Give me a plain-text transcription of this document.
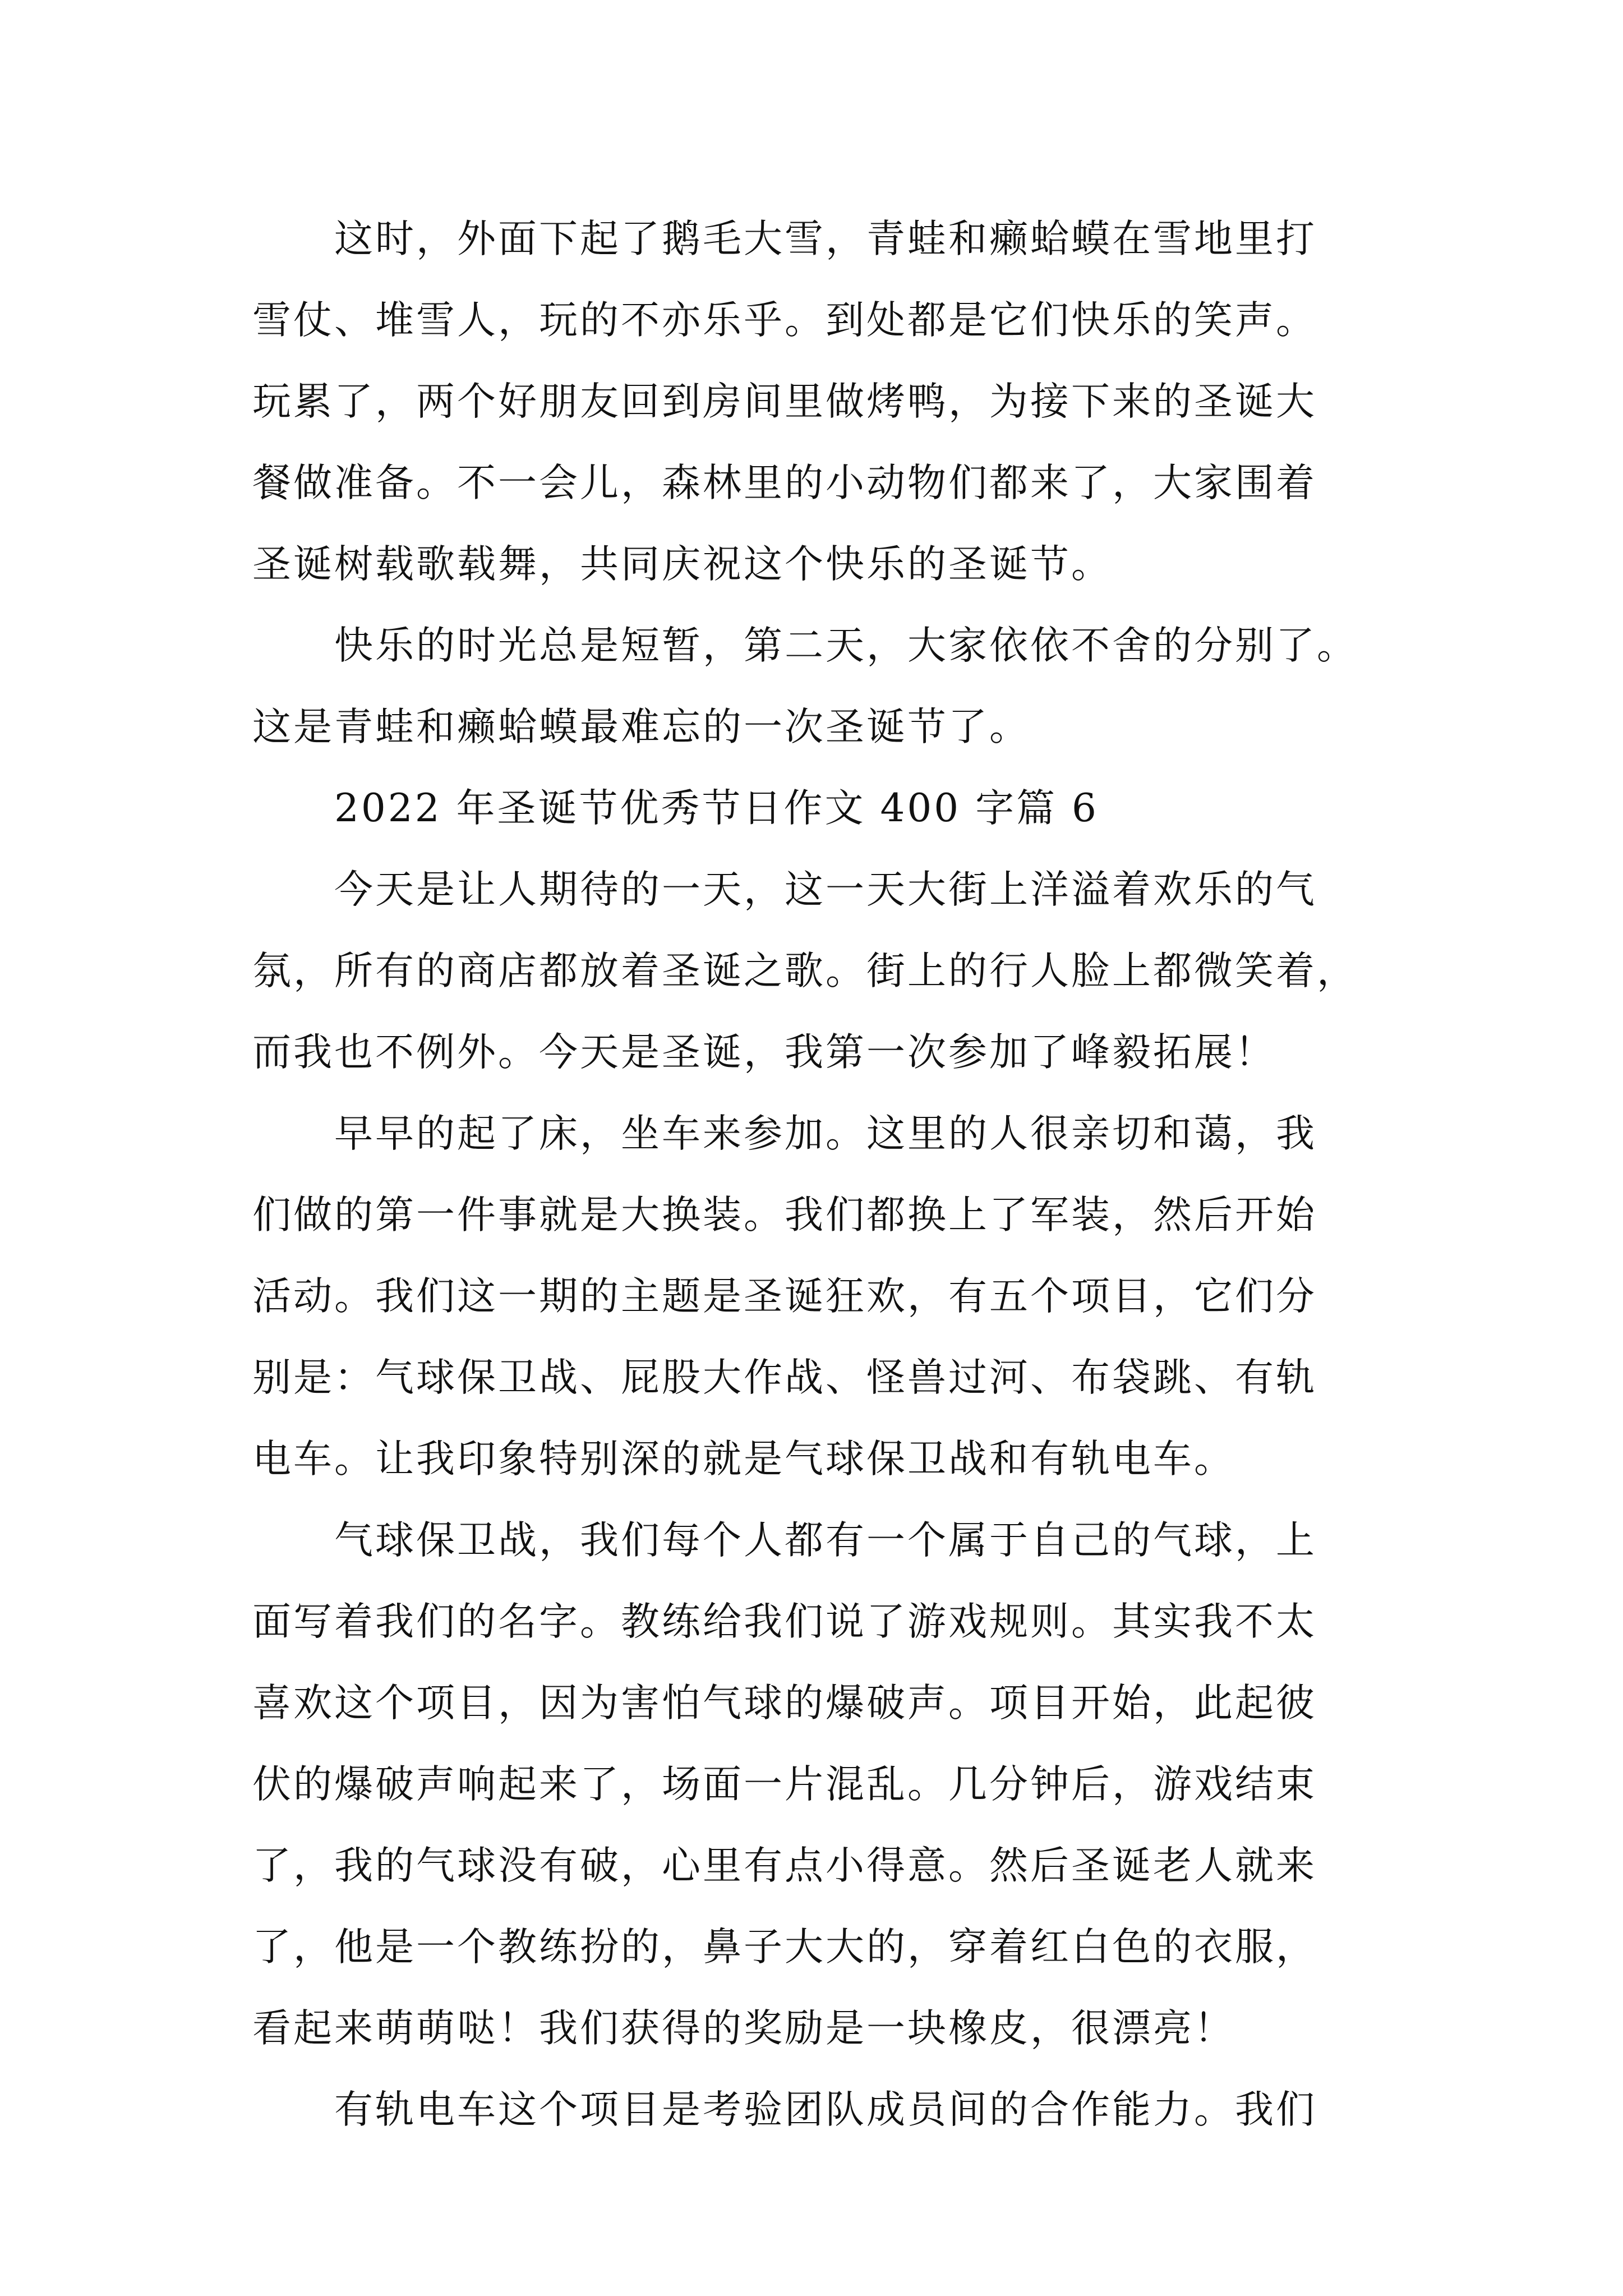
这时，外面下起了鹅毛大雪，青蛙和癞蛤蟆在雪地里打
雪仗、堆雪人，玩的不亦乐乎。到处都是它们快乐的笑声。
玩累了，两个好朋友回到房间里做烤鸭，为接下来的圣诞大
餐做准备。不一会儿，森林里的小动物们都来了，大家围着
圣诞树载歌载舞，共同庆祝这个快乐的圣诞节。
快乐的时光总是短暂，第二天，大家依依不舍的分别了。
这是青蛙和癞蛤蟆最难忘的一次圣诞节了。
2022 年圣诞节优秀节日作文 400 字篇 6
今天是让人期待的一天，这一天大街上洋溢着欢乐的气
氛，所有的商店都放着圣诞之歌。街上的行人脸上都微笑着，
而我也不例外。今天是圣诞，我第一次参加了峰毅拓展！
早早的起了床，坐车来参加。这里的人很亲切和蔼，我
们做的第一件事就是大换装。我们都换上了军装，然后开始
活动。我们这一期的主题是圣诞狂欢，有五个项目，它们分
别是：气球保卫战、屁股大作战、怪兽过河、布袋跳、有轨
电车。让我印象特别深的就是气球保卫战和有轨电车。
气球保卫战，我们每个人都有一个属于自己的气球，上
面写着我们的名字。教练给我们说了游戏规则。其实我不太
喜欢这个项目，因为害怕气球的爆破声。项目开始，此起彼
伏的爆破声响起来了，场面一片混乱。几分钟后，游戏结束
了，我的气球没有破，心里有点小得意。然后圣诞老人就来
了，他是一个教练扮的，鼻子大大的，穿着红白色的衣服，
看起来萌萌哒！我们获得的奖励是一块橡皮，很漂亮！
有轨电车这个项目是考验团队成员间的合作能力。我们
